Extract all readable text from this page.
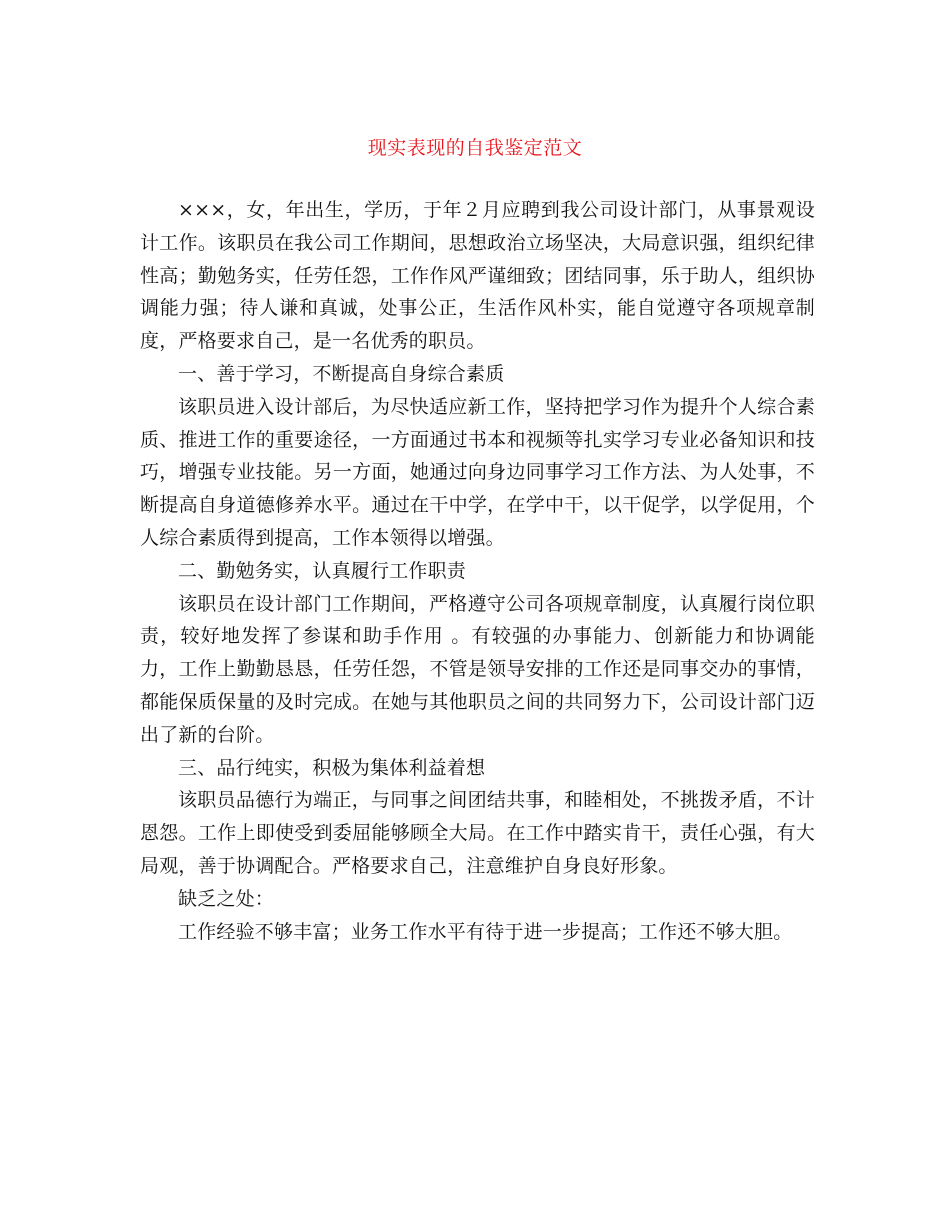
现实表现的自我鉴定范文

×××，女，年出生，学历，于年２月应聘到我公司设计部门，从事景观设计工作。该职员在我公司工作期间，思想政治立场坚决，大局意识强，组织纪律性高；勤勉务实，任劳任怨，工作作风严谨细致；团结同事，乐于助人，组织协调能力强；待人谦和真诚，处事公正，生活作风朴实，能自觉遵守各项规章制度，严格要求自己，是一名优秀的职员。

一、善于学习，不断提高自身综合素质

该职员进入设计部后，为尽快适应新工作，坚持把学习作为提升个人综合素质、推进工作的重要途径，一方面通过书本和视频等扎实学习专业必备知识和技巧，增强专业技能。另一方面，她通过向身边同事学习工作方法、为人处事，不断提高自身道德修养水平。通过在干中学，在学中干，以干促学，以学促用，个人综合素质得到提高，工作本领得以增强。

二、勤勉务实，认真履行工作职责

该职员在设计部门工作期间，严格遵守公司各项规章制度，认真履行岗位职责，较好地发挥了参谋和助手作用 。有较强的办事能力、创新能力和协调能力，工作上勤勤恳恳，任劳任怨，不管是领导安排的工作还是同事交办的事情，都能保质保量的及时完成。在她与其他职员之间的共同努力下，公司设计部门迈出了新的台阶。

三、品行纯实，积极为集体利益着想

该职员品德行为端正，与同事之间团结共事，和睦相处，不挑拨矛盾，不计恩怨。工作上即使受到委屈能够顾全大局。在工作中踏实肯干，责任心强，有大局观，善于协调配合。严格要求自己，注意维护自身良好形象。

缺乏之处：

工作经验不够丰富；业务工作水平有待于进一步提高；工作还不够大胆。
